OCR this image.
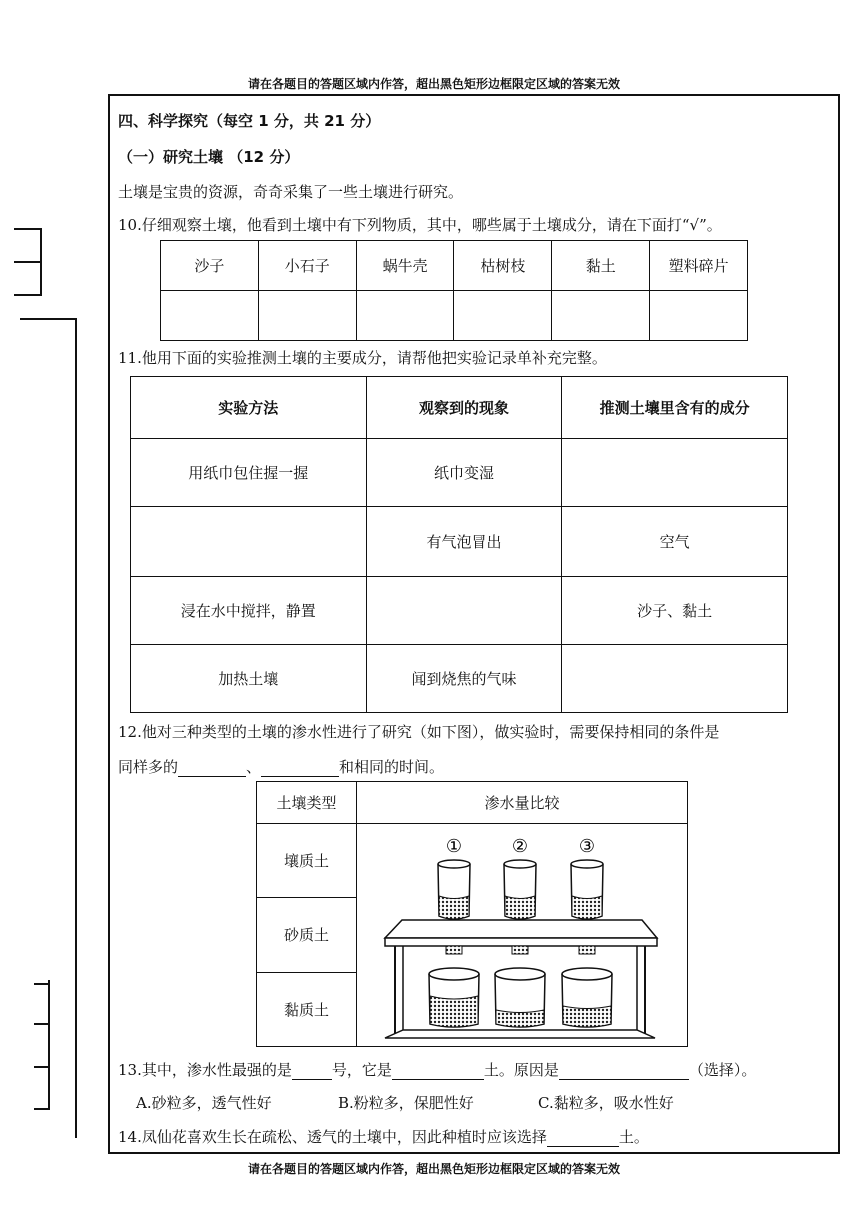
请在各题目的答题区域内作答，超出黑色矩形边框限定区域的答案无效
四、科学探究（每空 1 分，共 21 分）
（一）研究土壤 （12 分）
土壤是宝贵的资源，奇奇采集了一些土壤进行研究。
10.仔细观察土壤，他看到土壤中有下列物质，其中，哪些属于土壤成分，请在下面打“√”。
沙子	小石子	蜗牛壳	枯树枝	黏土	塑料碎片

11.他用下面的实验推测土壤的主要成分，请帮他把实验记录单补充完整。
实验方法	观察到的现象	推测土壤里含有的成分
用纸巾包住握一握	纸巾变湿	
	有气泡冒出	空气
浸在水中搅拌，静置		沙子、黏土
加热土壤	闻到烧焦的气味	
12.他对三种类型的土壤的渗水性进行了研究（如下图），做实验时，需要保持相同的条件是
同样多的	、	和相同的时间。
土壤类型	渗水量比较
壤质土	① ② ③

砂质土	
黏质土	
13.其中，渗水性最强的是	号，它是	土。原因是	（选择）。
A.砂粒多，透气性好	B.粉粒多，保肥性好	C.黏粒多，吸水性好
14.凤仙花喜欢生长在疏松、透气的土壤中，因此种植时应该选择	土。
请在各题目的答题区域内作答，超出黑色矩形边框限定区域的答案无效
